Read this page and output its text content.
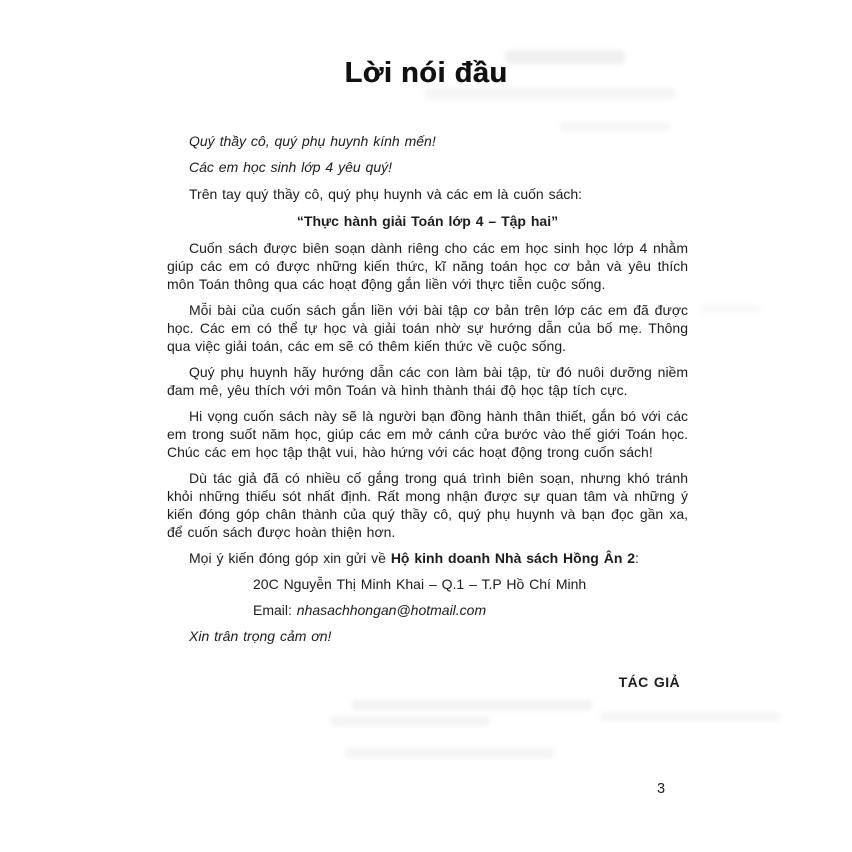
Lời nói đầu

Quý thầy cô, quý phụ huynh kính mến!

Các em học sinh lớp 4 yêu quý!

Trên tay quý thầy cô, quý phụ huynh và các em là cuốn sách:

“Thực hành giải Toán lớp 4 – Tập hai”

Cuốn sách được biên soạn dành riêng cho các em học sinh học lớp 4 nhằm giúp các em có được những kiến thức, kĩ năng toán học cơ bản và yêu thích môn Toán thông qua các hoạt động gắn liền với thực tiễn cuộc sống.

Mỗi bài của cuốn sách gắn liền với bài tập cơ bản trên lớp các em đã được học. Các em có thể tự học và giải toán nhờ sự hướng dẫn của bố mẹ. Thông qua việc giải toán, các em sẽ có thêm kiến thức về cuộc sống.

Quý phụ huynh hãy hướng dẫn các con làm bài tập, từ đó nuôi dưỡng niềm đam mê, yêu thích với môn Toán và hình thành thái độ học tập tích cực.

Hi vọng cuốn sách này sẽ là người bạn đồng hành thân thiết, gắn bó với các em trong suốt năm học, giúp các em mở cánh cửa bước vào thế giới Toán học. Chúc các em học tập thật vui, hào hứng với các hoạt động trong cuốn sách!

Dù tác giả đã có nhiều cố gắng trong quá trình biên soạn, nhưng khó tránh khỏi những thiếu sót nhất định. Rất mong nhận được sự quan tâm và những ý kiến đóng góp chân thành của quý thầy cô, quý phụ huynh và bạn đọc gần xa, để cuốn sách được hoàn thiện hơn.

Mọi ý kiến đóng góp xin gửi về Hộ kinh doanh Nhà sách Hồng Ân 2:

20C Nguyễn Thị Minh Khai – Q.1 – T.P Hồ Chí Minh

Email: nhasachhongan@hotmail.com

Xin trân trọng cảm ơn!

TÁC GIẢ

3
